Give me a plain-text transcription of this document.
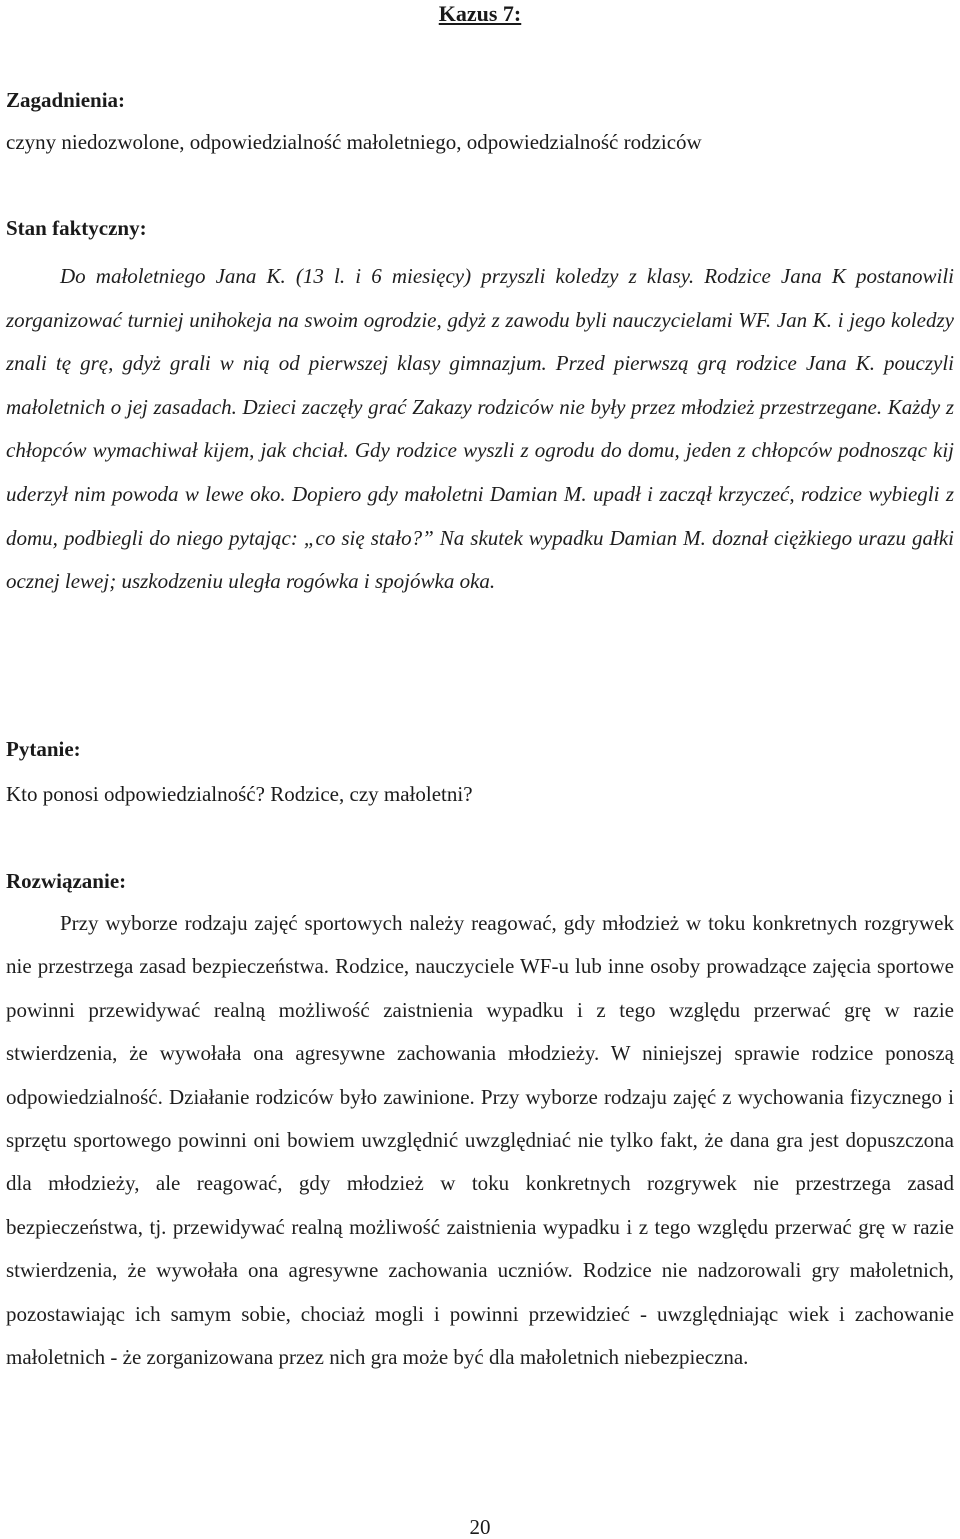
Kazus 7:
Zagadnienia:

czyny niedozwolone, odpowiedzialność małoletniego, odpowiedzialność rodziców

Stan faktyczny:

Do małoletniego Jana K. (13 l. i 6 miesięcy) przyszli koledzy z klasy. Rodzice Jana K postanowili zorganizować turniej unihokeja na swoim ogrodzie, gdyż z zawodu byli nauczycielami WF. Jan K. i jego koledzy znali tę grę, gdyż grali w nią od pierwszej klasy gimnazjum. Przed pierwszą grą rodzice Jana K. pouczyli małoletnich o jej zasadach. Dzieci zaczęły grać Zakazy rodziców nie były przez młodzież przestrzegane. Każdy z chłopców wymachiwał kijem, jak chciał. Gdy rodzice wyszli z ogrodu do domu, jeden z chłopców podnosząc kij uderzył nim powoda w lewe oko. Dopiero gdy małoletni Damian M. upadł i zaczął krzyczeć, rodzice wybiegli z domu, podbiegli do niego pytając: „co się stało?” Na skutek wypadku Damian M. doznał ciężkiego urazu gałki ocznej lewej; uszkodzeniu uległa rogówka i spojówka oka.

Pytanie:

Kto ponosi odpowiedzialność? Rodzice, czy małoletni?

Rozwiązanie:

Przy wyborze rodzaju zajęć sportowych należy reagować, gdy młodzież w toku konkretnych rozgrywek nie przestrzega zasad bezpieczeństwa. Rodzice, nauczyciele WF-u lub inne osoby prowadzące zajęcia sportowe powinni przewidywać realną możliwość zaistnienia wypadku i z tego względu przerwać grę w razie stwierdzenia, że wywołała ona agresywne zachowania młodzieży. W niniejszej sprawie rodzice ponoszą odpowiedzialność. Działanie rodziców było zawinione. Przy wyborze rodzaju zajęć z wychowania fizycznego i sprzętu sportowego powinni oni bowiem uwzględnić uwzględniać nie tylko fakt, że dana gra jest dopuszczona dla młodzieży, ale reagować, gdy młodzież w toku konkretnych rozgrywek nie przestrzega zasad bezpieczeństwa, tj. przewidywać realną możliwość zaistnienia wypadku i z tego względu przerwać grę w razie stwierdzenia, że wywołała ona agresywne zachowania uczniów. Rodzice nie nadzorowali gry małoletnich, pozostawiając ich samym sobie, chociaż mogli i powinni przewidzieć - uwzględniając wiek i zachowanie małoletnich - że zorganizowana przez nich gra może być dla małoletnich niebezpieczna.

20
